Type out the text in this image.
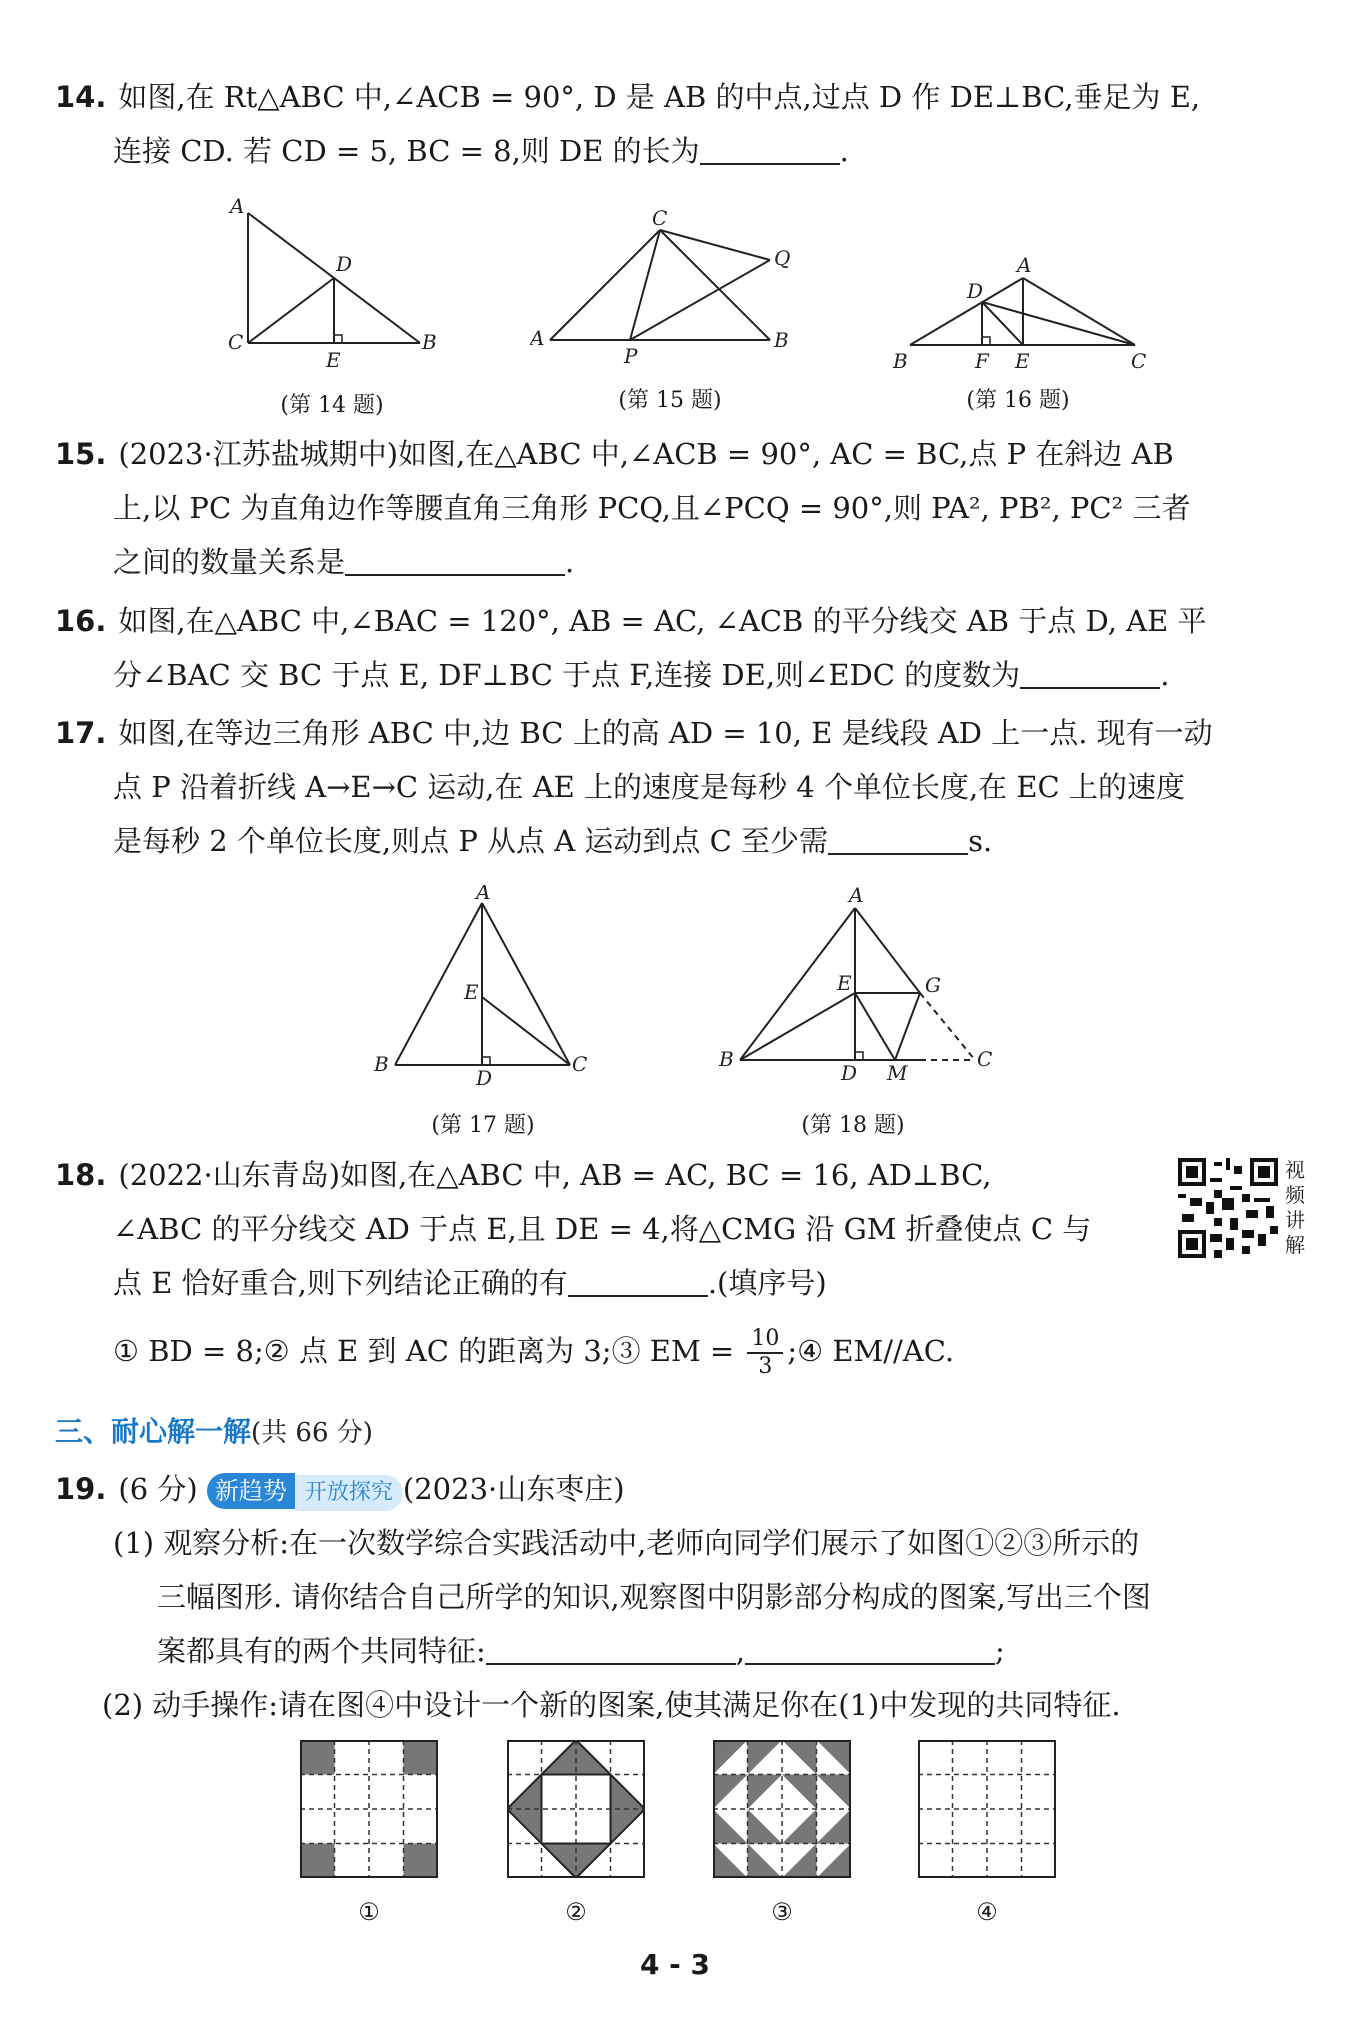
14. 如图,在 Rt△ABC 中,∠ACB = 90°, D 是 AB 的中点,过点 D 作 DE⊥BC,垂足为 E,
连接 CD. 若 CD = 5, BC = 8,则 DE 的长为	.
A
C
D
E
B
(第 14 题)
A
C
Q
P
B
(第 15 题)
A
D
B	F E	C
(第 16 题)
15. (2023·江苏盐城期中)如图,在△ABC 中,∠ACB = 90°, AC = BC,点 P 在斜边 AB
上,以 PC 为直角边作等腰直角三角形 PCQ,且∠PCQ = 90°,则 PA², PB², PC² 三者
之间的数量关系是	.
16. 如图,在△ABC 中,∠BAC = 120°, AB = AC, ∠ACB 的平分线交 AB 于点 D, AE 平
分∠BAC 交 BC 于点 E, DF⊥BC 于点 F,连接 DE,则∠EDC 的度数为	.
17. 如图,在等边三角形 ABC 中,边 BC 上的高 AD = 10, E 是线段 AD 上一点. 现有一动
点 P 沿着折线 A→E→C 运动,在 AE 上的速度是每秒 4 个单位长度,在 EC 上的速度
是每秒 2 个单位长度,则点 P 从点 A 运动到点 C 至少需	s.
A
E
B
D
C
(第 17 题)
A
E	G
B
D M
C
(第 18 题)
18. (2022·山东青岛)如图,在△ABC 中, AB = AC, BC = 16, AD⊥BC,
∠ABC 的平分线交 AD 于点 E,且 DE = 4,将△CMG 沿 GM 折叠使点 C 与
点 E 恰好重合,则下列结论正确的有	.(填序号)
① BD = 8;② 点 E 到 AC 的距离为 3;③ EM = $\frac{10}{3}$ ;④ EM//AC.
视频讲解
三、耐心解一解(共 66 分)
19. (6 分) 新趋势 开放探究 (2023·山东枣庄)
(1) 观察分析:在一次数学综合实践活动中,老师向同学们展示了如图①②③所示的
三幅图形. 请你结合自己所学的知识,观察图中阴影部分构成的图案,写出三个图
案都具有的两个共同特征:	,	;
(2) 动手操作:请在图④中设计一个新的图案,使其满足你在(1)中发现的共同特征.
①	②	③	④
4 - 3
